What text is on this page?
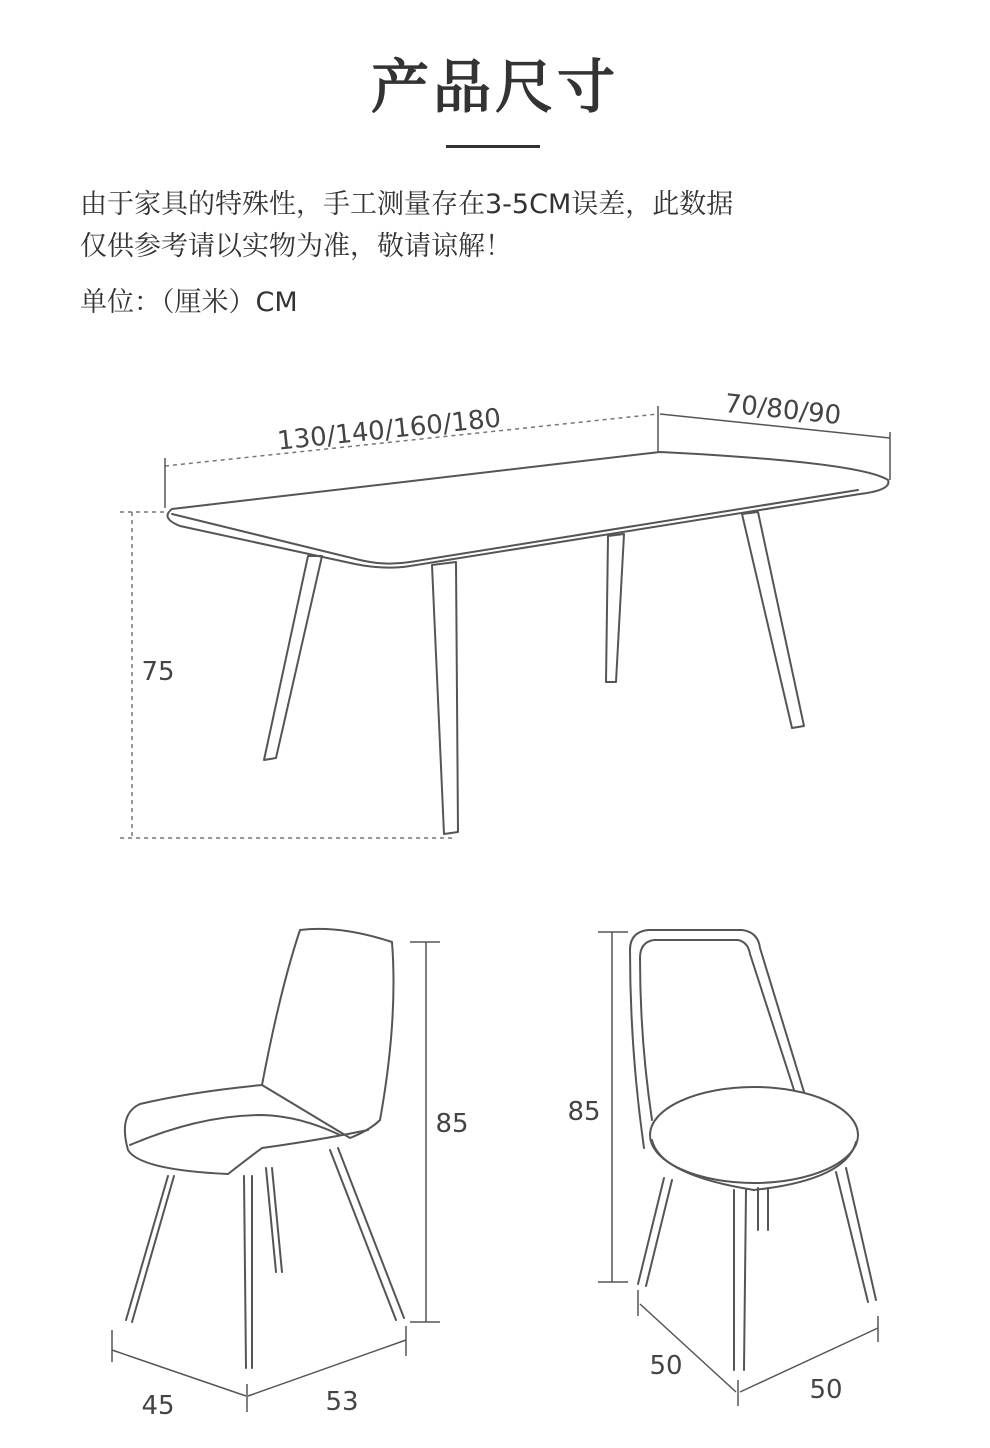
产品尺寸
由于家具的特殊性，手工测量存在3-5CM误差，此数据
仅供参考请以实物为准，敬请谅解！
单位：（厘米）CM
130/140/160/180	70/80/90
75
85
45	53
85
50
50
